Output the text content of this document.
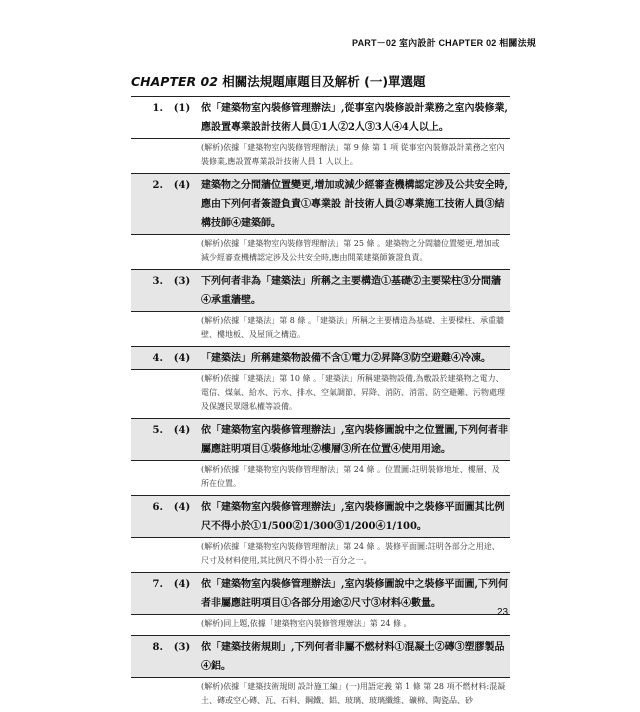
PART－02 室內設計 CHAPTER 02 相關法規
CHAPTER 02 相關法規題庫題目及解析 (一)單選題
1.	(1)	依「建築物室內裝修管理辦法」,從事室內裝修設計業務之室內裝修業,應設置專業設計技術人員①1人②2人③3人④4人以上。
(解析)依據「建築物室內裝修管理辦法」第 9 條 第 1 項 從事室內裝修設計業務之室內裝修業,應設置專業設計技術人員 1 人以上。
2.	(4)	建築物之分間牆位置變更,增加或減少經審查機構認定涉及公共安全時,應由下列何者簽證負責①專業設 計技術人員②專業施工技術人員③結構技師④建築師。
(解析)依據「建築物室內裝修管理辦法」第 25 條 。建築物之分間牆位置變更,增加或減少經審查機構認定涉及公共安全時,應由開業建築師簽證負責。
3.	(3)	下列何者非為「建築法」所稱之主要構造①基礎②主要梁柱③分間牆④承重牆壁。
(解析)依據「建築法」第 8 條 。「建築法」所稱之主要構造為基礎、主要樑柱、承重牆壁、樓地板、及屋頂之構造。
4.	(4)	「建築法」所稱建築物設備不含①電力②昇降③防空避難④冷凍。
(解析)依據「建築法」第 10 條 。「建築法」所稱建築物設備,為敷設於建築物之電力、電信、煤氣、給水、污水、排水、空氣調節、昇降、消防、消雷、防空避難、污物處理及保護民眾隱私權等設備。
5.	(4)	依「建築物室內裝修管理辦法」,室內裝修圖說中之位置圖,下列何者非屬應註明項目①裝修地址②樓層③所在位置④使用用途。
(解析)依據「建築物室內裝修管理辦法」第 24 條 。位置圖:註明裝修地址、樓層、及所在位置。
6.	(4)	依「建築物室內裝修管理辦法」,室內裝修圖說中之裝修平面圖其比例尺不得小於①1/500②1/300③1/200④1/100。
(解析)依據「建築物室內裝修管理辦法」第 24 條 。裝修平面圖:註明各部分之用途、尺寸及材料使用,其比例尺不得小於一百分之一。
7.	(4)	依「建築物室內裝修管理辦法」,室內裝修圖說中之裝修平面圖,下列何者非屬應註明項目①各部分用途②尺寸③材料④數量。
(解析)同上題,依據「建築物室內裝修管理辦法」第 24 條 。
8.	(3)	依「建築技術規則」,下列何者非屬不燃材料①混凝土②磚③塑膠製品④鋁。
(解析)依據「建築技術規則 設計施工編」(一)用語定義 第 1 條 第 28 項不燃材料:混凝土、磚或空心磚、瓦、石料、鋼鐵、鋁、玻璃、玻璃纖維、礦棉、陶瓷品、砂
23
